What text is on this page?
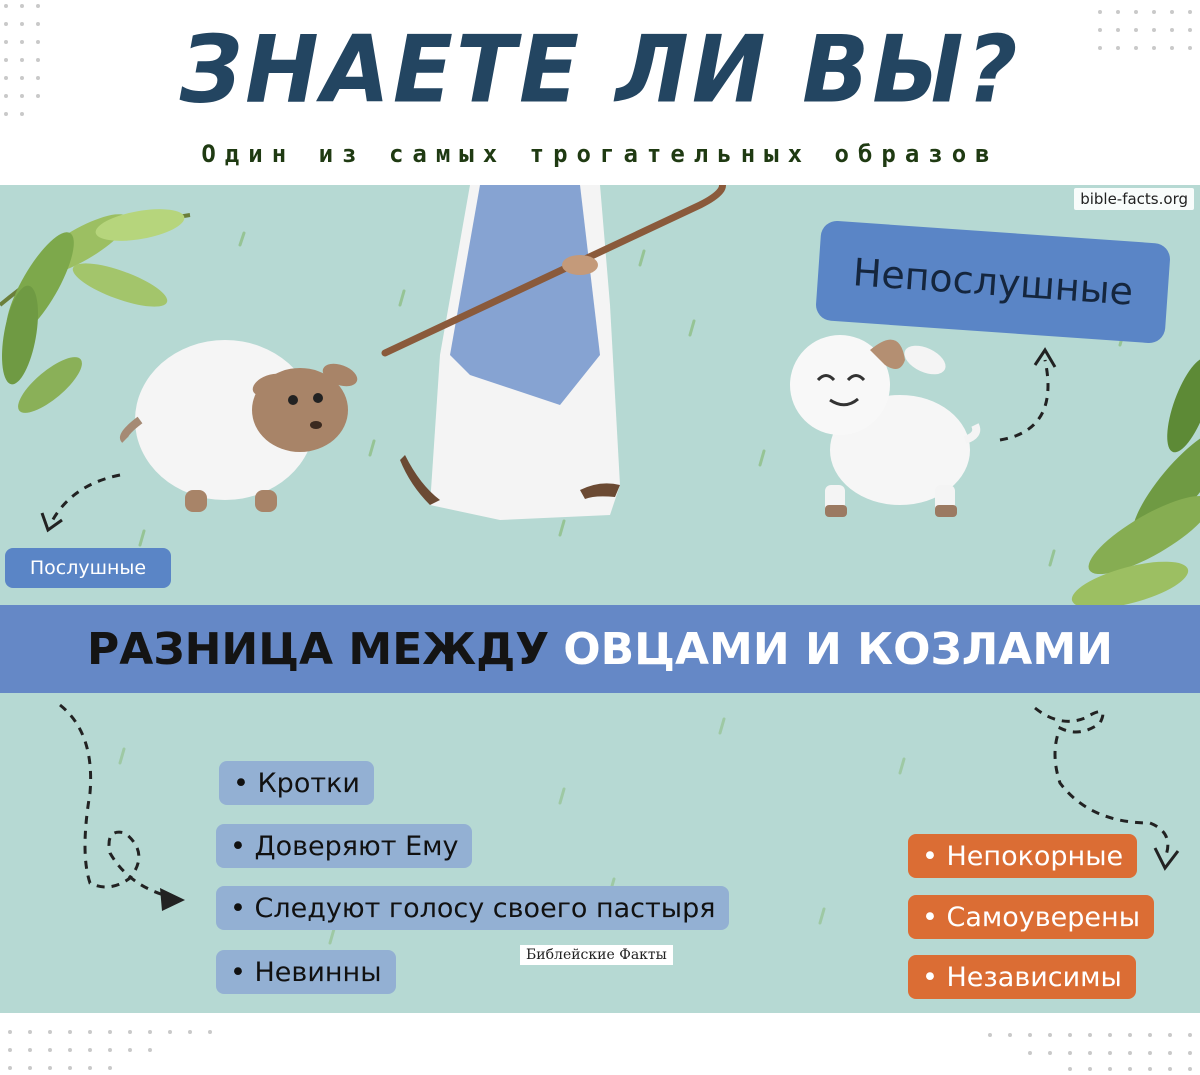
ЗНАЕТЕ ЛИ ВЫ?
Один из самых трогательных образов
bible-facts.org
Непослушные
Послушные
РАЗНИЦА МЕЖДУ ОВЦАМИ И КОЗЛАМИ
• Кротки
• Доверяют Ему
• Следуют голосу своего пастыря
• Невинны
• Непокорные
• Самоуверены
• Независимы
Библейские Факты
